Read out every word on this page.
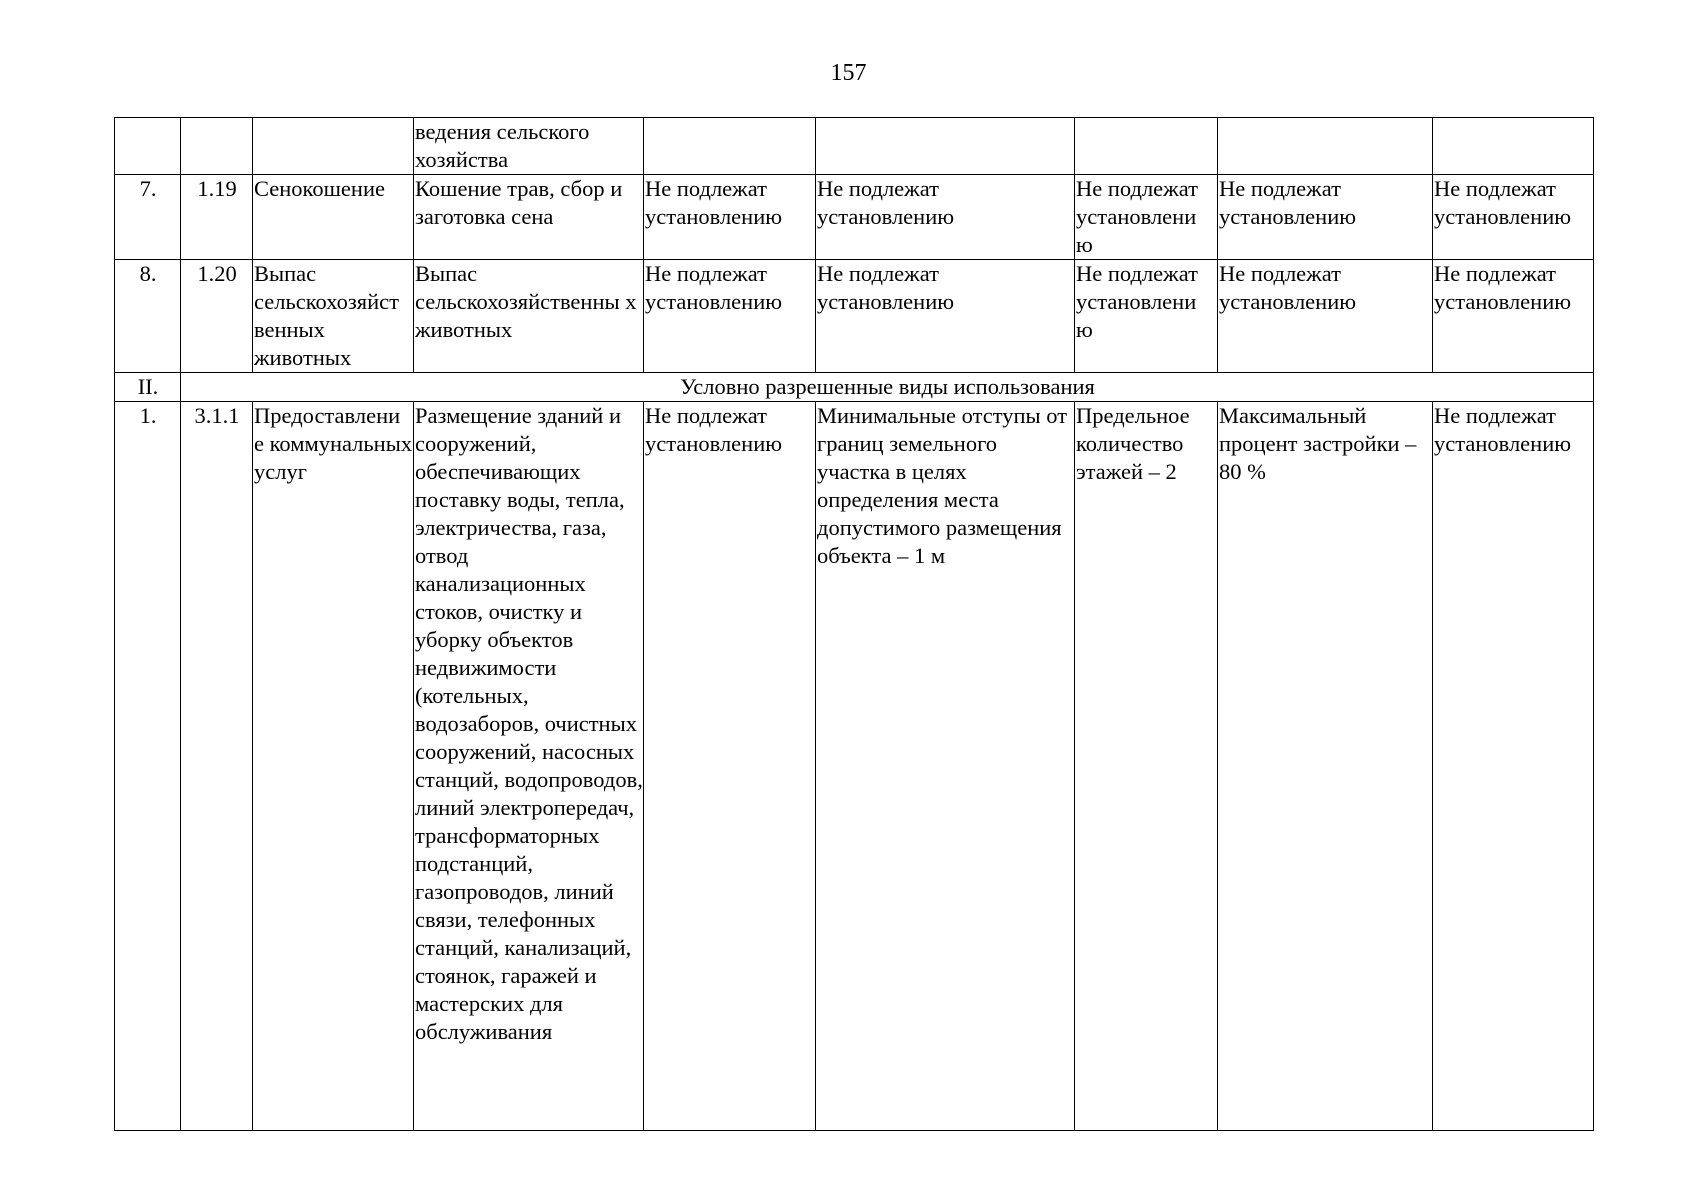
157
			ведения сельского хозяйства					
7.	1.19	Сенокошение	Кошение трав, сбор и заготовка сена	Не подлежат установлению	Не подлежат установлению	Не подлежат установлени ю	Не подлежат установлению	Не подлежат установлению
8.	1.20	Выпас сельскохозяйст венных животных	Выпас сельскохозяйственны х животных	Не подлежат установлению	Не подлежат установлению	Не подлежат установлени ю	Не подлежат установлению	Не подлежат установлению
II.	Условно разрешенные виды использования							
1.	3.1.1	Предоставлени е коммунальных услуг	Размещение зданий и сооружений, обеспечивающих поставку воды, тепла, электричества, газа, отвод канализационных стоков, очистку и уборку объектов недвижимости (котельных, водозаборов, очистных сооружений, насосных станций, водопроводов, линий электропередач, трансформаторных подстанций, газопроводов, линий связи, телефонных станций, канализаций, стоянок, гаражей и мастерских для обслуживания	Не подлежат установлению	Минимальные отступы от границ земельного участка в целях определения места допустимого размещения объекта – 1 м	Предельное количество этажей – 2	Максимальный процент застройки – 80 %	Не подлежат установлению
